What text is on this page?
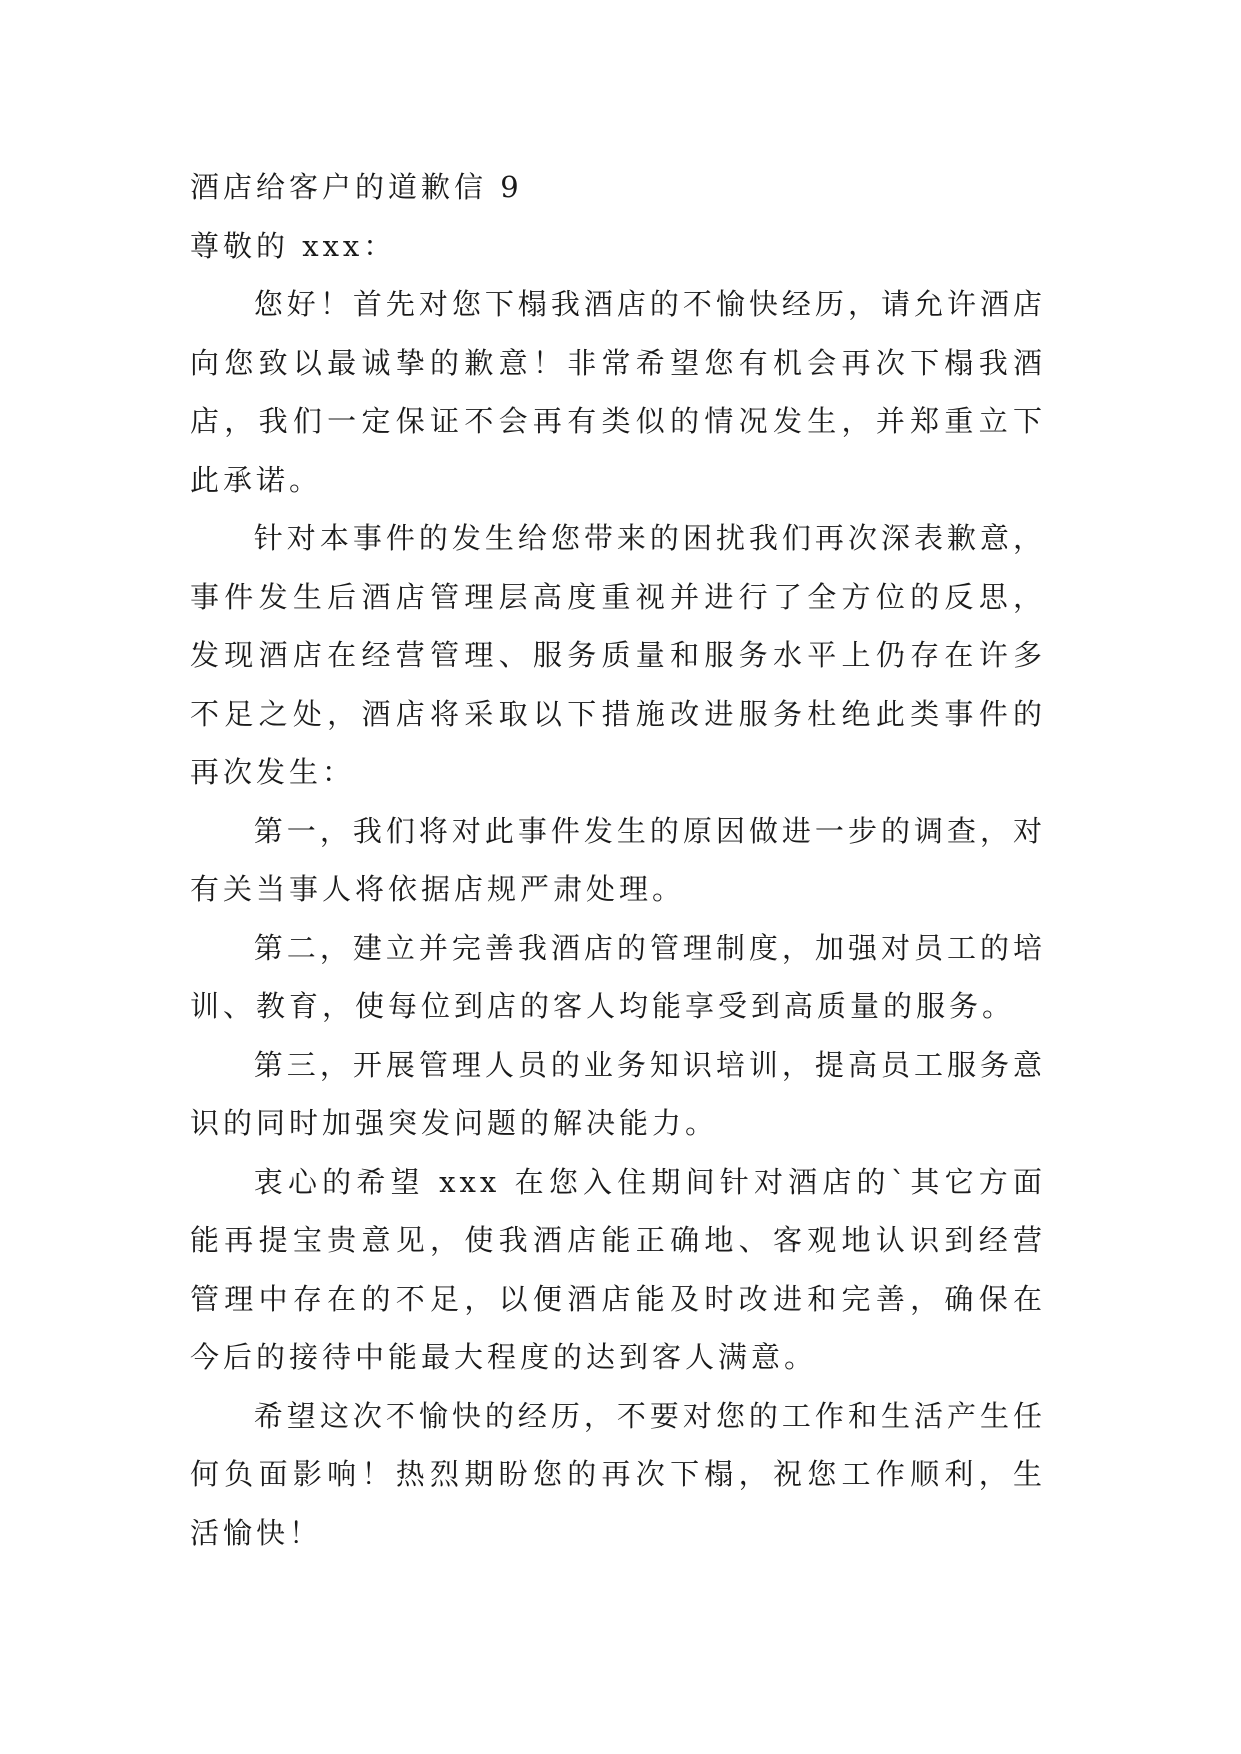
酒店给客户的道歉信 9

尊敬的 xxx：

您好！首先对您下榻我酒店的不愉快经历，请允许酒店向您致以最诚挚的歉意！非常希望您有机会再次下榻我酒店，我们一定保证不会再有类似的情况发生，并郑重立下此承诺。

针对本事件的发生给您带来的困扰我们再次深表歉意，事件发生后酒店管理层高度重视并进行了全方位的反思，发现酒店在经营管理、服务质量和服务水平上仍存在许多不足之处，酒店将采取以下措施改进服务杜绝此类事件的再次发生：

第一，我们将对此事件发生的原因做进一步的调查，对有关当事人将依据店规严肃处理。

第二，建立并完善我酒店的管理制度，加强对员工的培训、教育，使每位到店的客人均能享受到高质量的服务。

第三，开展管理人员的业务知识培训，提高员工服务意识的同时加强突发问题的解决能力。

衷心的希望 xxx 在您入住期间针对酒店的`其它方面能再提宝贵意见，使我酒店能正确地、客观地认识到经营管理中存在的不足，以便酒店能及时改进和完善，确保在今后的接待中能最大程度的达到客人满意。

希望这次不愉快的经历，不要对您的工作和生活产生任何负面影响！热烈期盼您的再次下榻，祝您工作顺利，生活愉快！
